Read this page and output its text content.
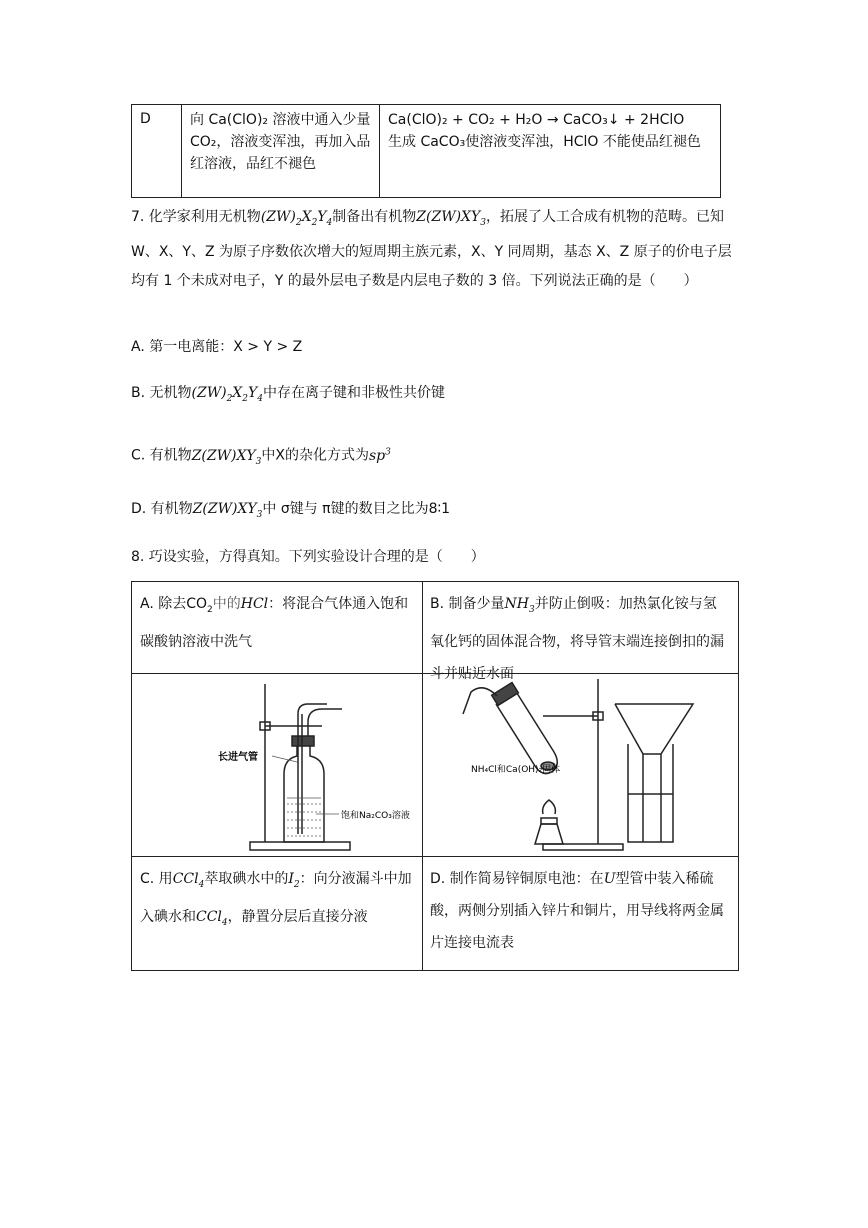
D	向 Ca(ClO)₂ 溶液中通入少量 CO₂，溶液变浑浊，再加入品红溶液，品红不褪色
Ca(ClO)₂ + CO₂ + H₂O → CaCO₃↓ + 2HClO
生成 CaCO₃使溶液变浑浊，HClO 不能使品红褪色
7. 化学家利用无机物$(ZW)_2X_2Y_4$制备出有机物$Z(ZW)XY_3$，拓展了人工合成有机物的范畴。已知 W、X、Y、Z 为原子序数依次增大的短周期主族元素，X、Y 同周期，基态 X、Z 原子的价电子层均有 1 个未成对电子，Y 的最外层电子数是内层电子数的 3 倍。下列说法正确的是（　　）
A. 第一电离能：X > Y > Z
B. 无机物$(ZW)_2X_2Y_4$中存在离子键和非极性共价键
C. 有机物$Z(ZW)XY_3$中X的杂化方式为$sp^3$
D. 有机物$Z(ZW)XY_3$中 σ键与 π键的数目之比为8∶1
8. 巧设实验，方得真知。下列实验设计合理的是（　　）
A. 除去$CO_2$中的HCl：将混合气体通入饱和碳酸钠溶液中洗气
B. 制备少量$NH_3$并防止倒吸：加热氯化铵与氢氧化钙的固体混合物，将导管末端连接倒扣的漏斗并贴近水面
长进气管
饱和Na₂CO₃溶液
NH₄Cl和Ca(OH)₂固体
C. 用CCl$_4$萃取碘水中的$I_2$：向分液漏斗中加入碘水和CCl$_4$，静置分层后直接分液
D. 制作简易锌铜原电池：在U型管中装入稀硫酸，两侧分别插入锌片和铜片，用导线将两金属片连接电流表
